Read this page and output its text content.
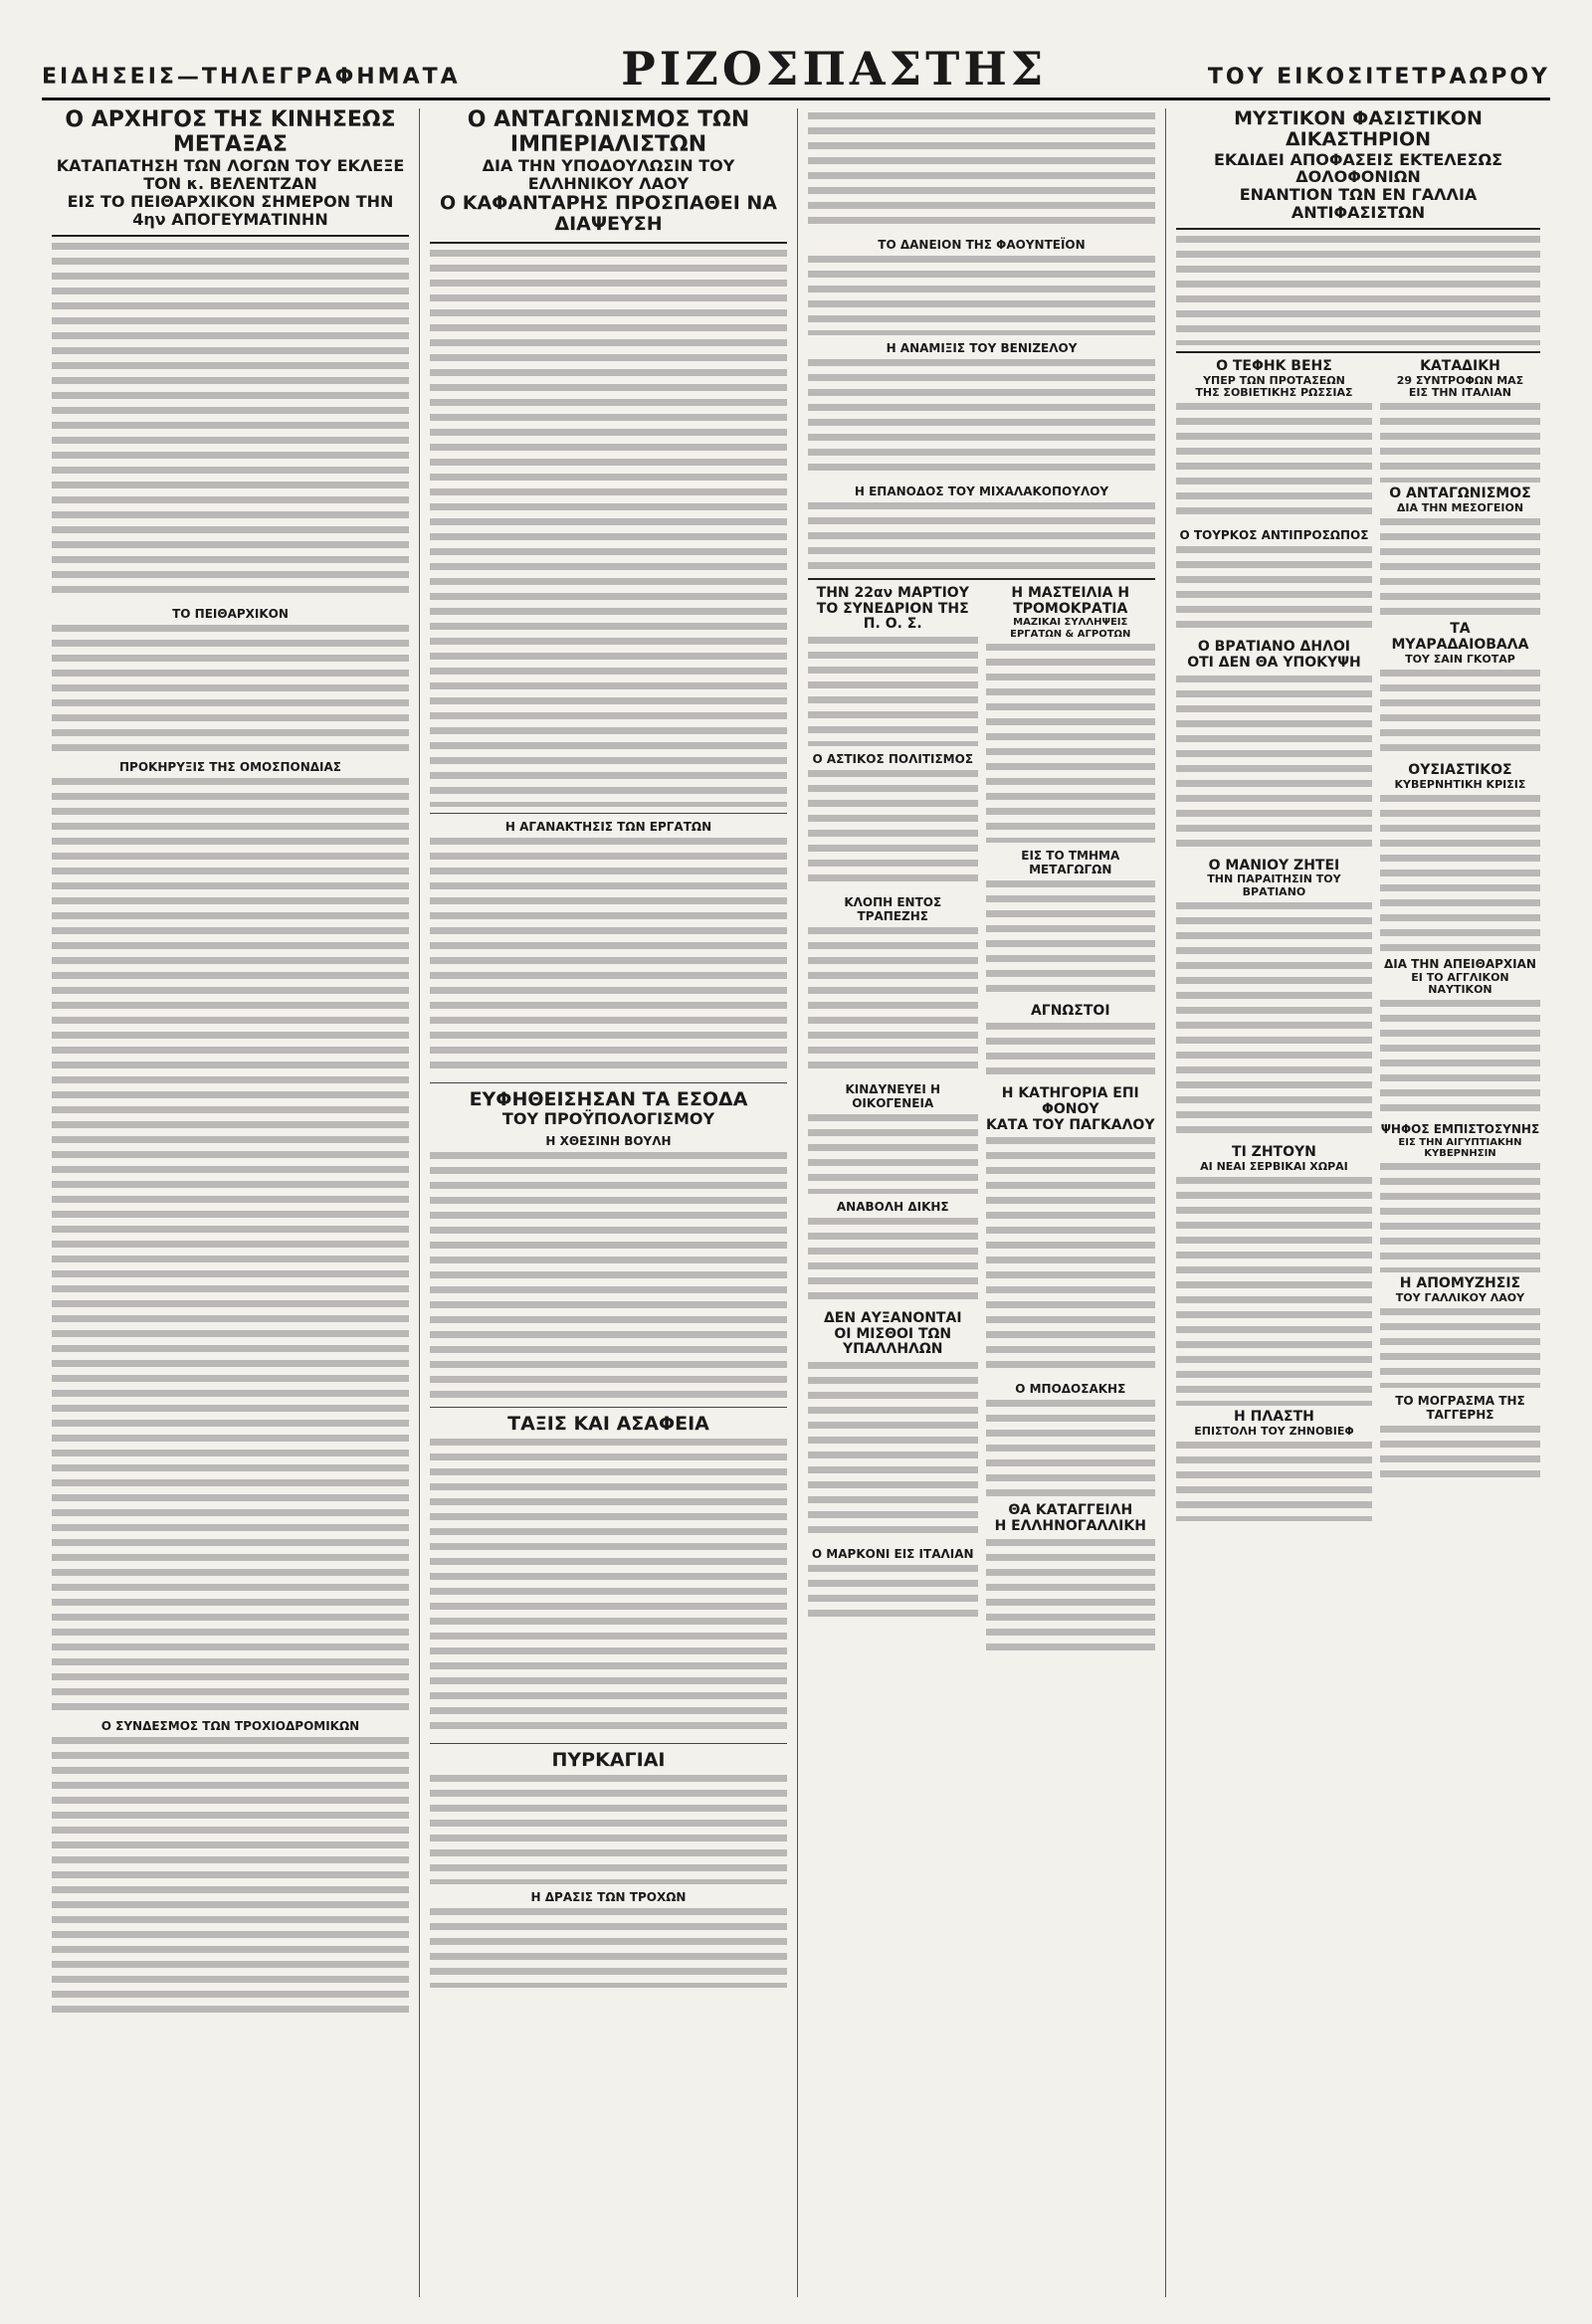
ΕΙΔΗΣΕΙΣ—ΤΗΛΕΓΡΑΦΗΜΑΤΑ	ΡΙΖΟΣΠΑΣΤΗΣ	ΤΟΥ ΕΙΚΟΣΙΤΕΤΡΑΩΡΟΥ

Ο ΑΡΧΗΓΟΣ ΤΗΣ ΚΙΝΗΣΕΩΣ ΜΕΤΑΞΑΣ

ΚΑΤΑΠΑΤΗΣΗ ΤΩΝ ΛΟΓΩΝ ΤΟΥ ΕΚΛΕΞΕ ΤΟΝ κ. ΒΕΛΕΝΤΖΑΝ

ΕΙΣ ΤΟ ΠΕΙΘΑΡΧΙΚΟΝ ΣΗΜΕΡΟΝ ΤΗΝ 4ην ΑΠΟΓΕΥΜΑΤΙΝΗΝ

ΤΟ ΠΕΙΘΑΡΧΙΚΟΝ
ΠΡΟΚΗΡΥΞΙΣ ΤΗΣ ΟΜΟΣΠΟΝΔΙΑΣ
Ο ΣΥΝΔΕΣΜΟΣ ΤΩΝ ΤΡΟΧΙΟΔΡΟΜΙΚΩΝ

Ο ΑΝΤΑΓΩΝΙΣΜΟΣ ΤΩΝ ΙΜΠΕΡΙΑΛΙΣΤΩΝ

ΔΙΑ ΤΗΝ ΥΠΟΔΟΥΛΩΣΙΝ ΤΟΥ ΕΛΛΗΝΙΚΟΥ ΛΑΟΥ

Ο ΚΑΦΑΝΤΑΡΗΣ ΠΡΟΣΠΑΘΕΙ ΝΑ ΔΙΑΨΕΥΣΗ

Η ΑΓΑΝΑΚΤΗΣΙΣ ΤΩΝ ΕΡΓΑΤΩΝ

ΕΥΦΗΘΕΙΣΗΣΑΝ ΤΑ ΕΣΟΔΑ

ΤΟΥ ΠΡΟΫΠΟΛΟΓΙΣΜΟΥ

Η ΧΘΕΣΙΝΗ ΒΟΥΛΗ

ΤΑΞΙΣ ΚΑΙ ΑΣΑΦΕΙΑ

ΠΥΡΚΑΓΙΑΙ

Η ΔΡΑΣΙΣ ΤΩΝ ΤΡΟΧΩΝ
ΤΟ ΔΑΝΕΙΟΝ ΤΗΣ ΦΑΟΥΝΤΕΪΟΝ
Η ΑΝΑΜΙΞΙΣ ΤΟΥ ΒΕΝΙΖΕΛΟΥ
Η ΕΠΑΝΟΔΟΣ ΤΟΥ ΜΙΧΑΛΑΚΟΠΟΥΛΟΥ

ΤΗΝ 22αν ΜΑΡΤΙΟΥ

ΤΟ ΣΥΝΕΔΡΙΟΝ ΤΗΣ Π. Ο. Σ.

Ο ΑΣΤΙΚΟΣ ΠΟΛΙΤΙΣΜΟΣ
ΚΛΟΠΗ ΕΝΤΟΣ ΤΡΑΠΕΖΗΣ
ΚΙΝΔΥΝΕΥΕΙ Η ΟΙΚΟΓΕΝΕΙΑ
ΑΝΑΒΟΛΗ ΔΙΚΗΣ

ΔΕΝ ΑΥΞΑΝΟΝΤΑΙ

ΟΙ ΜΙΣΘΟΙ ΤΩΝ ΥΠΑΛΛΗΛΩΝ

Ο ΜΑΡΚΟΝΙ ΕΙΣ ΙΤΑΛΙΑΝ

Η ΜΑΣΤΕΙΛΙΑ Η ΤΡΟΜΟΚΡΑΤΙΑ

ΜΑΖΙΚΑΙ ΣΥΛΛΗΨΕΙΣ ΕΡΓΑΤΩΝ & ΑΓΡΟΤΩΝ

ΕΙΣ ΤΟ ΤΜΗΜΑ ΜΕΤΑΓΩΓΩΝ

ΑΓΝΩΣΤΟΙ

Η ΚΑΤΗΓΟΡΙΑ ΕΠΙ ΦΟΝΟΥ

ΚΑΤΑ ΤΟΥ ΠΑΓΚΑΛΟΥ

Ο ΜΠΟΔΟΣΑΚΗΣ

ΘΑ ΚΑΤΑΓΓΕΙΛΗ

Η ΕΛΛΗΝΟΓΑΛΛΙΚΗ

ΜΥΣΤΙΚΟΝ ΦΑΣΙΣΤΙΚΟΝ ΔΙΚΑΣΤΗΡΙΟΝ

ΕΚΔΙΔΕΙ ΑΠΟΦΑΣΕΙΣ ΕΚΤΕΛΕΣΩΣ ΔΟΛΟΦΟΝΙΩΝ

ΕΝΑΝΤΙΟΝ ΤΩΝ ΕΝ ΓΑΛΛΙΑ ΑΝΤΙΦΑΣΙΣΤΩΝ

Ο ΤΕΦΗΚ ΒΕΗΣ

ΥΠΕΡ ΤΩΝ ΠΡΟΤΑΣΕΩΝ

ΤΗΣ ΣΟΒΙΕΤΙΚΗΣ ΡΩΣΣΙΑΣ

Ο ΤΟΥΡΚΟΣ ΑΝΤΙΠΡΟΣΩΠΟΣ

Ο ΒΡΑΤΙΑΝΟ ΔΗΛΟΙ

ΟΤΙ ΔΕΝ ΘΑ ΥΠΟΚΥΨΗ

Ο ΜΑΝΙΟΥ ΖΗΤΕΙ

ΤΗΝ ΠΑΡΑΙΤΗΣΙΝ ΤΟΥ ΒΡΑΤΙΑΝΟ

ΤΙ ΖΗΤΟΥΝ

ΑΙ ΝΕΑΙ ΣΕΡΒΙΚΑΙ ΧΩΡΑΙ

Η ΠΛΑΣΤΗ

ΕΠΙΣΤΟΛΗ ΤΟΥ ΖΗΝΟΒΙΕΦ

ΚΑΤΑΔΙΚΗ

29 ΣΥΝΤΡΟΦΩΝ ΜΑΣ

ΕΙΣ ΤΗΝ ΙΤΑΛΙΑΝ

Ο ΑΝΤΑΓΩΝΙΣΜΟΣ

ΔΙΑ ΤΗΝ ΜΕΣΟΓΕΙΟΝ

ΤΑ ΜΥΑΡΑΔΑΙΟΒΑΛΑ

ΤΟΥ ΣΑΙΝ ΓΚΟΤΑΡ

ΟΥΣΙΑΣΤΙΚΟΣ

ΚΥΒΕΡΝΗΤΙΚΗ ΚΡΙΣΙΣ

ΔΙΑ ΤΗΝ ΑΠΕΙΘΑΡΧΙΑΝ

ΕΙ ΤΟ ΑΓΓΛΙΚΟΝ ΝΑΥΤΙΚΟΝ

ΨΗΦΟΣ ΕΜΠΙΣΤΟΣΥΝΗΣ

ΕΙΣ ΤΗΝ ΑΙΓΥΠΤΙΑΚΗΝ ΚΥΒΕΡΝΗΣΙΝ

Η ΑΠΟΜΥΖΗΣΙΣ

ΤΟΥ ΓΑΛΛΙΚΟΥ ΛΑΟΥ

ΤΟ ΜΟΓΡΑΣΜΑ ΤΗΣ ΤΑΓΓΕΡΗΣ
